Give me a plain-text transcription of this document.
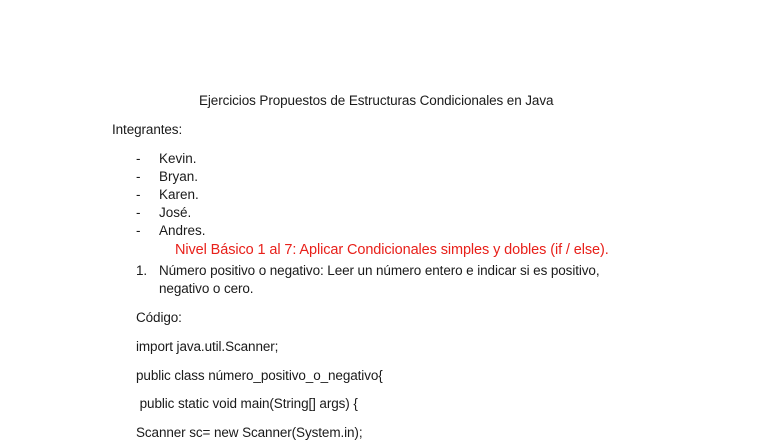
Ejercicios Propuestos de Estructuras Condicionales en Java
Integrantes:
- Kevin.
- Bryan.
- Karen.
- José.
- Andres.
Nivel Básico 1 al 7: Aplicar Condicionales simples y dobles (if / else).
1. Número positivo o negativo: Leer un número entero e indicar si es positivo,
negativo o cero.
Código:
import java.util.Scanner;
public class número_positivo_o_negativo{
public static void main(String[] args) {
Scanner sc= new Scanner(System.in);
